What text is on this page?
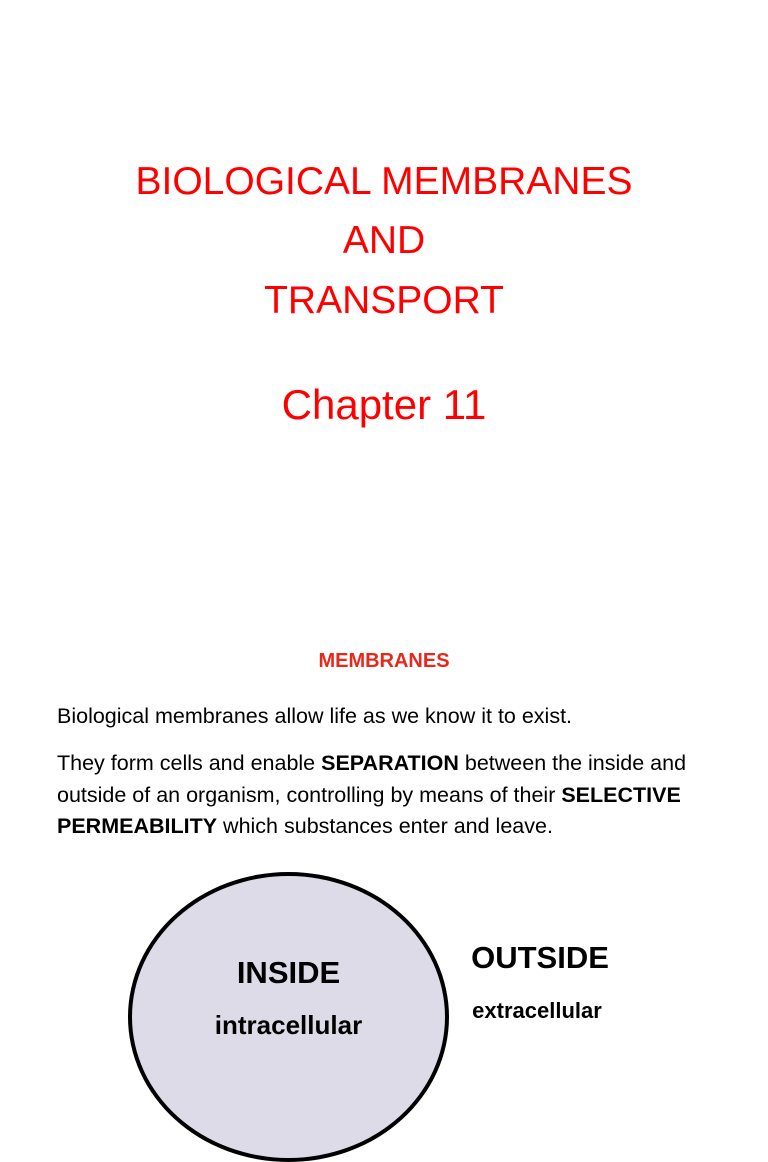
BIOLOGICAL MEMBRANES
AND
TRANSPORT
Chapter 11
MEMBRANES

Biological membranes allow life as we know it to exist.

They form cells and enable SEPARATION between the inside and outside of an organism, controlling by means of their SELECTIVE PERMEABILITY which substances enter and leave.

INSIDE
intracellular
OUTSIDE
extracellular
